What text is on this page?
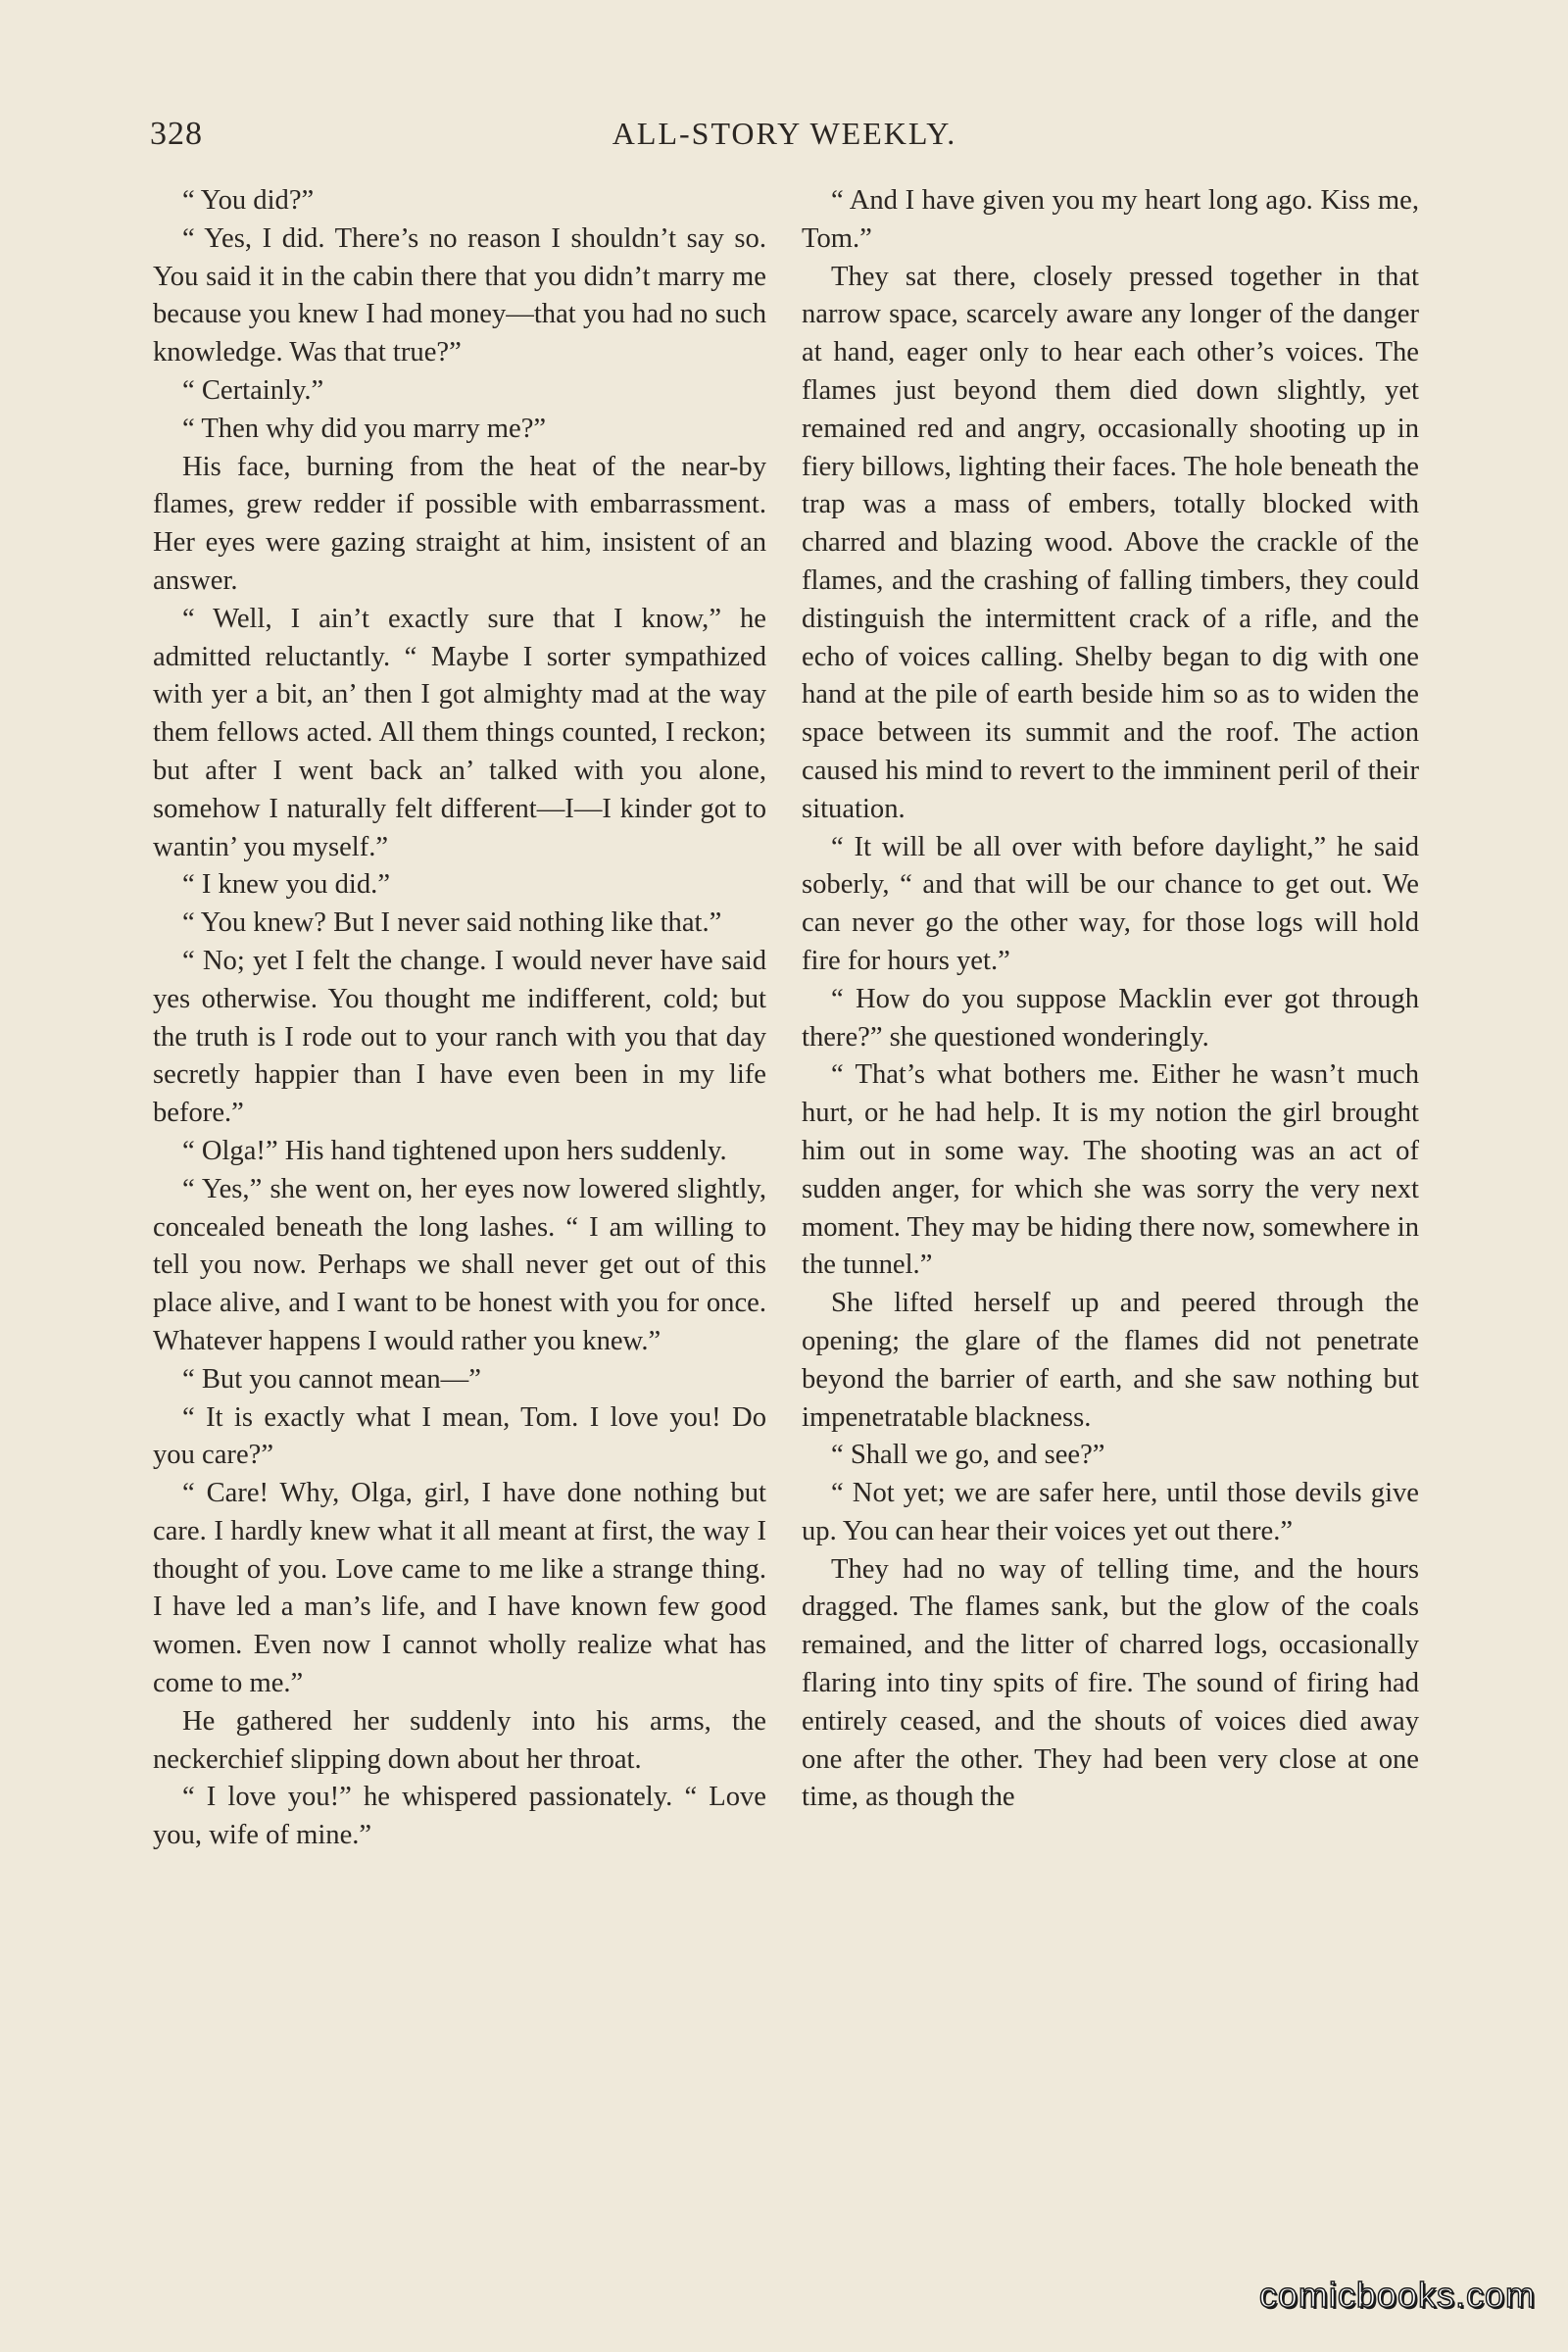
328	ALL-STORY WEEKLY.

“ You did?”

“ Yes, I did. There’s no reason I shouldn’t say so. You said it in the cabin there that you didn’t marry me because you knew I had money—that you had no such knowledge. Was that true?”

“ Certainly.”

“ Then why did you marry me?”

His face, burning from the heat of the near-by flames, grew redder if possible with embarrassment. Her eyes were gazing straight at him, insistent of an answer.

“ Well, I ain’t exactly sure that I know,” he admitted reluctantly. “ Maybe I sorter sympathized with yer a bit, an’ then I got almighty mad at the way them fellows acted. All them things counted, I reckon; but after I went back an’ talked with you alone, somehow I naturally felt different—I—I kinder got to wantin’ you myself.”

“ I knew you did.”

“ You knew? But I never said nothing like that.”

“ No; yet I felt the change. I would never have said yes otherwise. You thought me indifferent, cold; but the truth is I rode out to your ranch with you that day secretly happier than I have even been in my life before.”

“ Olga!” His hand tightened upon hers suddenly.

“ Yes,” she went on, her eyes now lowered slightly, concealed beneath the long lashes. “ I am willing to tell you now. Perhaps we shall never get out of this place alive, and I want to be honest with you for once. Whatever happens I would rather you knew.”

“ But you cannot mean—”

“ It is exactly what I mean, Tom. I love you! Do you care?”

“ Care! Why, Olga, girl, I have done nothing but care. I hardly knew what it all meant at first, the way I thought of you. Love came to me like a strange thing. I have led a man’s life, and I have known few good women. Even now I cannot wholly realize what has come to me.”

He gathered her suddenly into his arms, the neckerchief slipping down about her throat.

“ I love you!” he whispered passionately. “ Love you, wife of mine.”

“ And I have given you my heart long ago. Kiss me, Tom.”

They sat there, closely pressed together in that narrow space, scarcely aware any longer of the danger at hand, eager only to hear each other’s voices. The flames just beyond them died down slightly, yet remained red and angry, occasionally shooting up in fiery billows, lighting their faces. The hole beneath the trap was a mass of embers, totally blocked with charred and blazing wood. Above the crackle of the flames, and the crashing of falling timbers, they could distinguish the intermittent crack of a rifle, and the echo of voices calling. Shelby began to dig with one hand at the pile of earth beside him so as to widen the space between its summit and the roof. The action caused his mind to revert to the imminent peril of their situation.

“ It will be all over with before daylight,” he said soberly, “ and that will be our chance to get out. We can never go the other way, for those logs will hold fire for hours yet.”

“ How do you suppose Macklin ever got through there?” she questioned wonderingly.

“ That’s what bothers me. Either he wasn’t much hurt, or he had help. It is my notion the girl brought him out in some way. The shooting was an act of sudden anger, for which she was sorry the very next moment. They may be hiding there now, somewhere in the tunnel.”

She lifted herself up and peered through the opening; the glare of the flames did not penetrate beyond the barrier of earth, and she saw nothing but impenetratable blackness.

“ Shall we go, and see?”

“ Not yet; we are safer here, until those devils give up. You can hear their voices yet out there.”

They had no way of telling time, and the hours dragged. The flames sank, but the glow of the coals remained, and the litter of charred logs, occasionally flaring into tiny spits of fire. The sound of firing had entirely ceased, and the shouts of voices died away one after the other. They had been very close at one time, as though the

comicbooks.com
